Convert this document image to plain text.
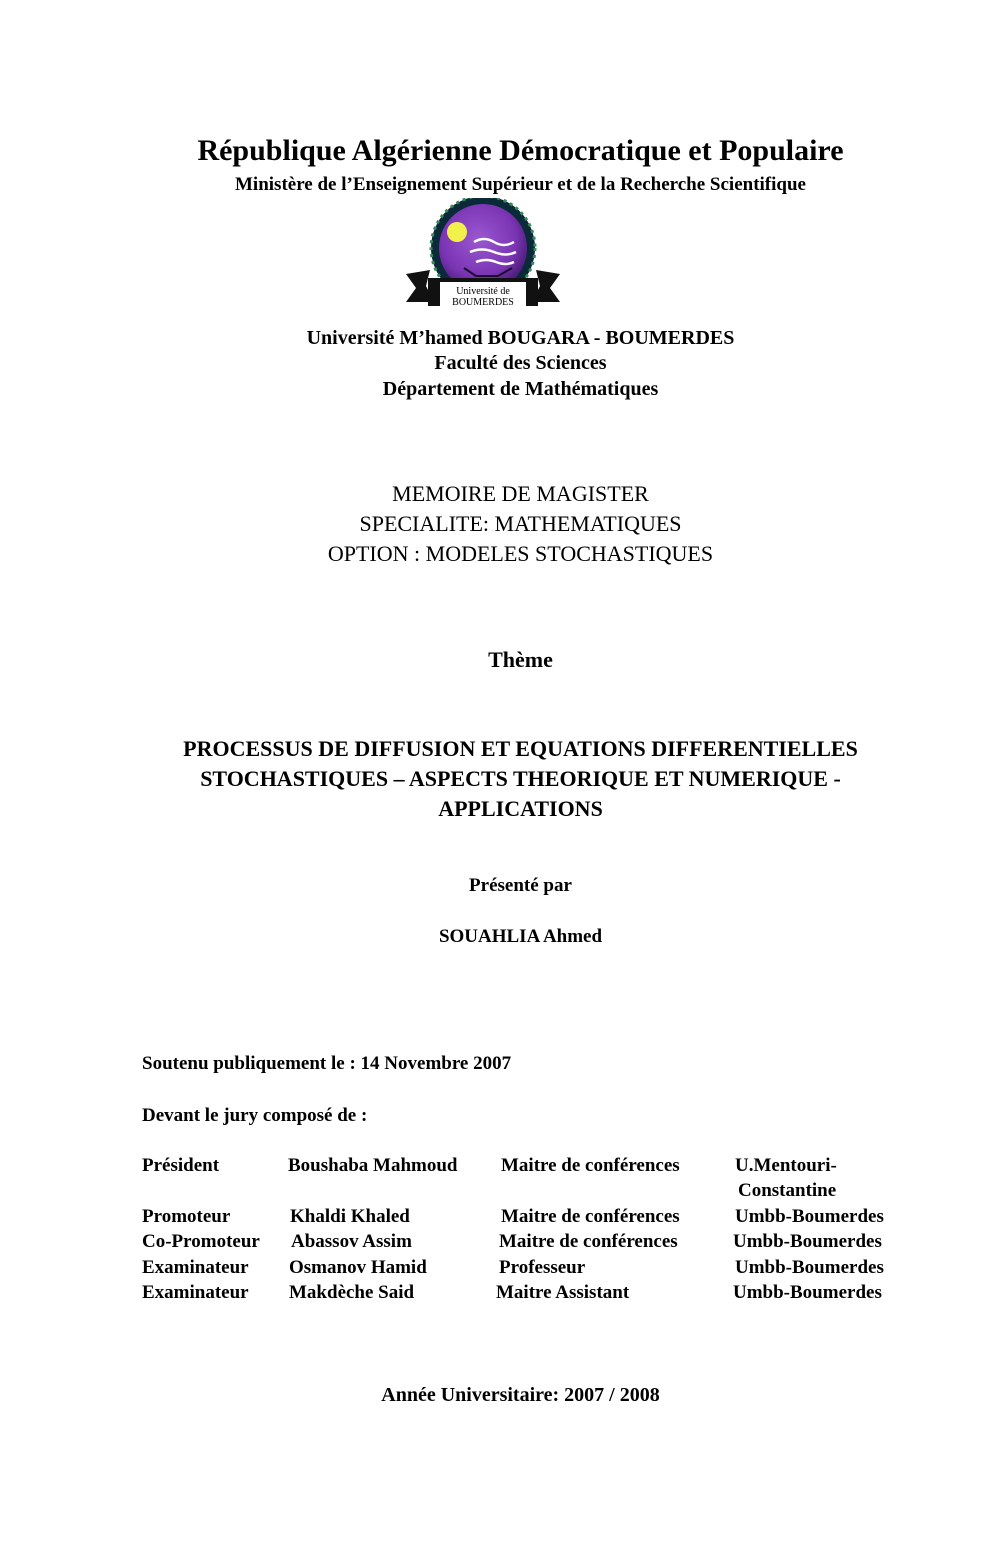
République Algérienne Démocratique et Populaire
Ministère de l’Enseignement Supérieur et de la Recherche Scientifique
Université de
BOUMERDES
Université M’hamed BOUGARA - BOUMERDES
Faculté des Sciences
Département de Mathématiques
MEMOIRE DE MAGISTER
SPECIALITE: MATHEMATIQUES
OPTION : MODELES STOCHASTIQUES
Thème
PROCESSUS DE DIFFUSION ET EQUATIONS DIFFERENTIELLES
STOCHASTIQUES – ASPECTS THEORIQUE ET NUMERIQUE -
APPLICATIONS
Présenté par
SOUAHLIA Ahmed
Soutenu publiquement le : 14 Novembre 2007
Devant le jury composé de :
Président	Boushaba Mahmoud Maitre de conférences	U.Mentouri-
Constantine
Promoteur	Khaldi Khaled	Maitre de conférences	Umbb-Boumerdes
Co-Promoteur Abassov Assim	Maitre de conférences	Umbb-Boumerdes
Examinateur Osmanov Hamid	Professeur	Umbb-Boumerdes
Examinateur Makdèche Said	Maitre Assistant	Umbb-Boumerdes
Année Universitaire: 2007 / 2008
